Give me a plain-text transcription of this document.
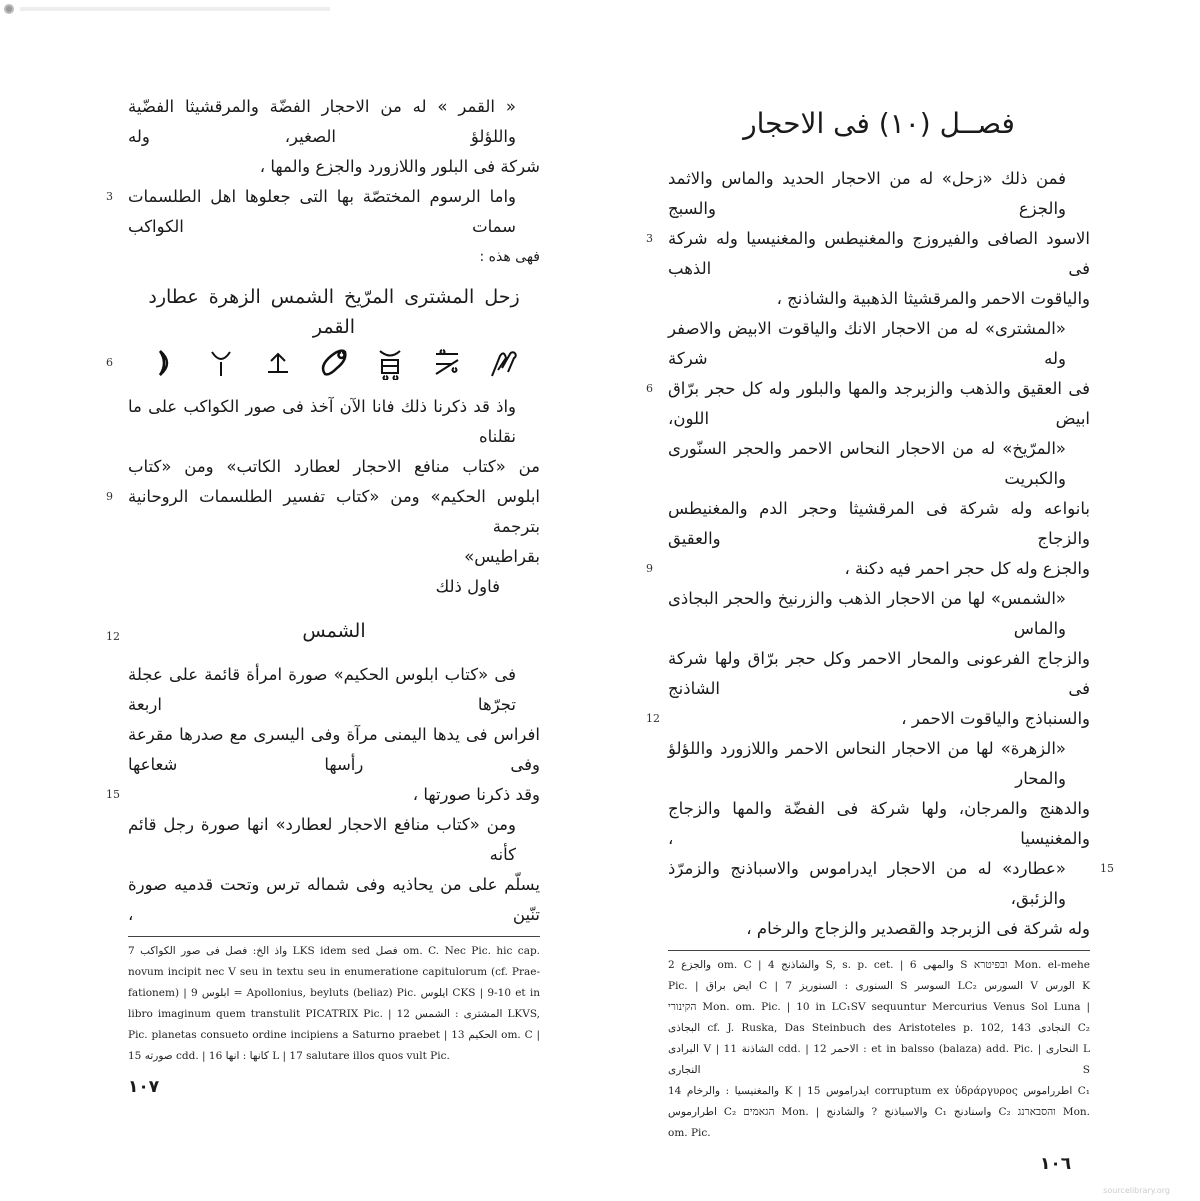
« القمر » له من الاحجار الفضّة والمرقشيثا الفضّية واللؤلؤ الصغير، وله
شركة فى البلور واللازورد والجزع والمها ،
واما الرسوم المختصّة بها التى جعلوها اهل الطلسمات سمات الكواكب
3
فهى هذه :
زحل المشترى المرّيخ الشمس الزهرة عطارد القمر
6
واذ قد ذكرنا ذلك فانا الآن آخذ فى صور الكواكب على ما نقلناه
من «كتاب منافع الاحجار لعطارد الكاتب» ومن «كتاب
ابلوس الحكيم» ومن «كتاب تفسير الطلسمات الروحانية بترجمة
9
بقراطيس»
فاول ذلك
الشمس
12
فى «كتاب ابلوس الحكيم» صورة امرأة قائمة على عجلة تجرّها اربعة
افراس فى يدها اليمنى مرآة وفى اليسرى مع صدرها مقرعة وفى رأسها شعاعها
وقد ذكرنا صورتها ،
15
ومن «كتاب منافع الاحجار لعطارد» انها صورة رجل قائم كأنه
يسلّم على من يحاذيه وفى شماله ترس وتحت قدميه صورة تنّين ،
7 واذ الخ: فصل فى صور الكواكب LKS idem sed فصل om. C. Nec Pic. hic cap.
novum incipit nec V seu in textu seu in enumeratione capitulorum (cf. Prae-
fationem) | 9 ابلوس = Apollonius, beyluts (beliaz) Pic. ايلوس CKS | 9-10 et in
libro imaginum quem transtulit PICATRIX Pic. | 12 المشترى : الشمس LKVS,
Pic. planetas consueto ordine incipiens a Saturno praebet | 13 الحكيم om. C |
15 صورته cdd. | 16 كانها : انها L | 17 salutare illos quos vult Pic.
١٠٧
فصــل (١٠) فى الاحجار
فمن ذلك «زحل» له من الاحجار الحديد والماس والاثمد والجزع والسبج
الاسود الصافى والفيروزج والمغنيطس والمغنيسيا وله شركة فى الذهب
3
والياقوت الاحمر والمرقشيثا الذهبية والشاذنج ،
«المشترى» له من الاحجار الانك والياقوت الابيض والاصفر وله شركة
فى العقيق والذهب والزبرجد والمها والبلور وله كل حجر برّاق ابيض اللون،
6
«المرّيخ» له من الاحجار النحاس الاحمر والحجر السنّورى والكبريت
بانواعه وله شركة فى المرقشيثا وحجر الدم والمغنيطس والزجاج والعقيق
والجزع وله كل حجر احمر فيه دكنة ،
9
«الشمس» لها من الاحجار الذهب والزرنيخ والحجر البجاذى والماس
والزجاج الفرعونى والمحار الاحمر وكل حجر برّاق ولها شركة فى الشاذنج
والسنباذج والياقوت الاحمر ،
12
«الزهرة» لها من الاحجار النحاس الاحمر واللازورد واللؤلؤ والمحار
والدهنج والمرجان، ولها شركة فى الفضّة والمها والزجاج والمغنيسيا ،
«عطارد» له من الاحجار ايدراموس والاسباذنج والزمرّذ والزئبق،
15
وله شركة فى الزبرجد والقصدير والزجاج والرخام ،
2 والجزع om. C | 4 والشاذنج S, s. p. cet. | 6 والمهى S ובפיטרא Mon. el-mehe
Pic. | ايض براق C | 7 السنورى : السنوريز S السوسر LC₂ السورس V الورس K
הקינורי Mon. om. Pic. | 10 in LC₁SV sequuntur Mercurius Venus Sol Luna |
البجاذى cf. J. Ruska, Das Steinbuch des Aristoteles p. 102, 143 النجادى C₂
البرادى V | 11 الشاذنة cdd. | 12 الاحمر : et in balsso (balaza) add. Pic. | النحارى L النجارى S
14 والمغنيسيا : والرخام K | 15 ايدراموس corruptum ex ὑδράργυρος اطرراموس C₁
اطرارموس C₂ הגאמים Mon. | والاسباذنج ? والشادنج C₁ واسنادنج C₂ והסבארנג Mon.
om. Pic.
١٠٦
sourcelibrary.org
